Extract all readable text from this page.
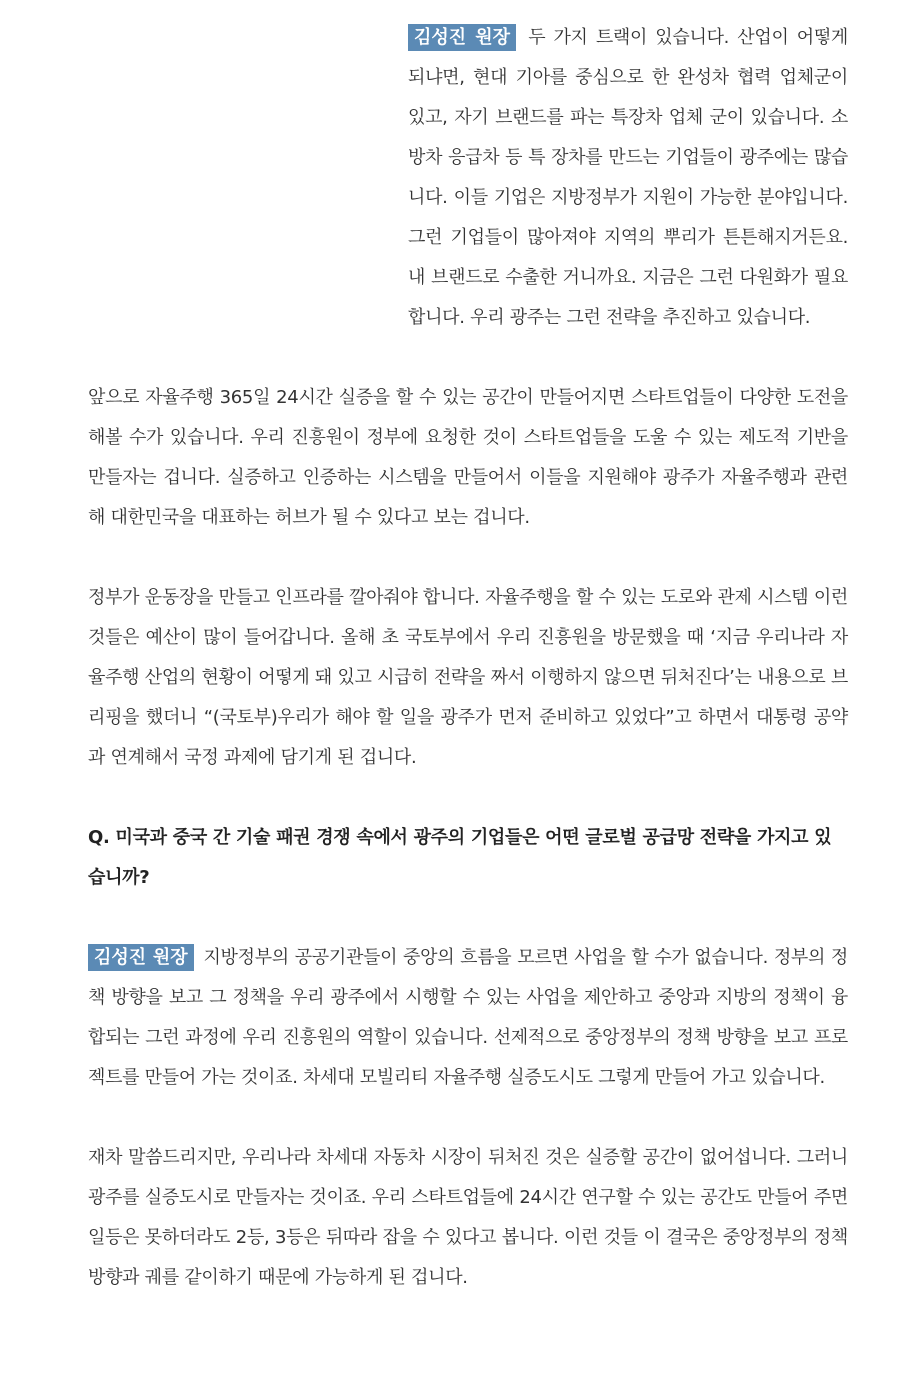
김성진 원장 두 가지 트랙이 있습니다. 산업이 어떻게 되냐면, 현대 기아를 중심으로 한 완성차 협력 업체군이 있고, 자기 브랜드를 파는 특장차 업체 군이 있습니다. 소방차 응급차 등 특 장차를 만드는 기업들이 광주에는 많습니다. 이들 기업은 지방정부가 지원이 가능한 분야입니다. 그런 기업들이 많아져야 지역의 뿌리가 튼튼해지거든요. 내 브랜드로 수출한 거니까요. 지금은 그런 다원화가 필요합니다. 우리 광주는 그런 전략을 추진하고 있습니다.

앞으로 자율주행 365일 24시간 실증을 할 수 있는 공간이 만들어지면 스타트업들이 다양한 도전을 해볼 수가 있습니다. 우리 진흥원이 정부에 요청한 것이 스타트업들을 도울 수 있는 제도적 기반을 만들자는 겁니다. 실증하고 인증하는 시스템을 만들어서 이들을 지원해야 광주가 자율주행과 관련해 대한민국을 대표하는 허브가 될 수 있다고 보는 겁니다.

정부가 운동장을 만들고 인프라를 깔아줘야 합니다. 자율주행을 할 수 있는 도로와 관제 시스템 이런 것들은 예산이 많이 들어갑니다. 올해 초 국토부에서 우리 진흥원을 방문했을 때 ‘지금 우리나라 자율주행 산업의 현황이 어떻게 돼 있고 시급히 전략을 짜서 이행하지 않으면 뒤처진다’는 내용으로 브리핑을 했더니 “(국토부)우리가 해야 할 일을 광주가 먼저 준비하고 있었다”고 하면서 대통령 공약과 연계해서 국정 과제에 담기게 된 겁니다.

Q. 미국과 중국 간 기술 패권 경쟁 속에서 광주의 기업들은 어떤 글로벌 공급망 전략을 가지고 있습니까?

김성진 원장 지방정부의 공공기관들이 중앙의 흐름을 모르면 사업을 할 수가 없습니다. 정부의 정책 방향을 보고 그 정책을 우리 광주에서 시행할 수 있는 사업을 제안하고 중앙과 지방의 정책이 융합되는 그런 과정에 우리 진흥원의 역할이 있습니다. 선제적으로 중앙정부의 정책 방향을 보고 프로젝트를 만들어 가는 것이죠. 차세대 모빌리티 자율주행 실증도시도 그렇게 만들어 가고 있습니다.

재차 말씀드리지만, 우리나라 차세대 자동차 시장이 뒤처진 것은 실증할 공간이 없어섭니다. 그러니 광주를 실증도시로 만들자는 것이죠. 우리 스타트업들에 24시간 연구할 수 있는 공간도 만들어 주면 일등은 못하더라도 2등, 3등은 뒤따라 잡을 수 있다고 봅니다. 이런 것들 이 결국은 중앙정부의 정책 방향과 궤를 같이하기 때문에 가능하게 된 겁니다.
